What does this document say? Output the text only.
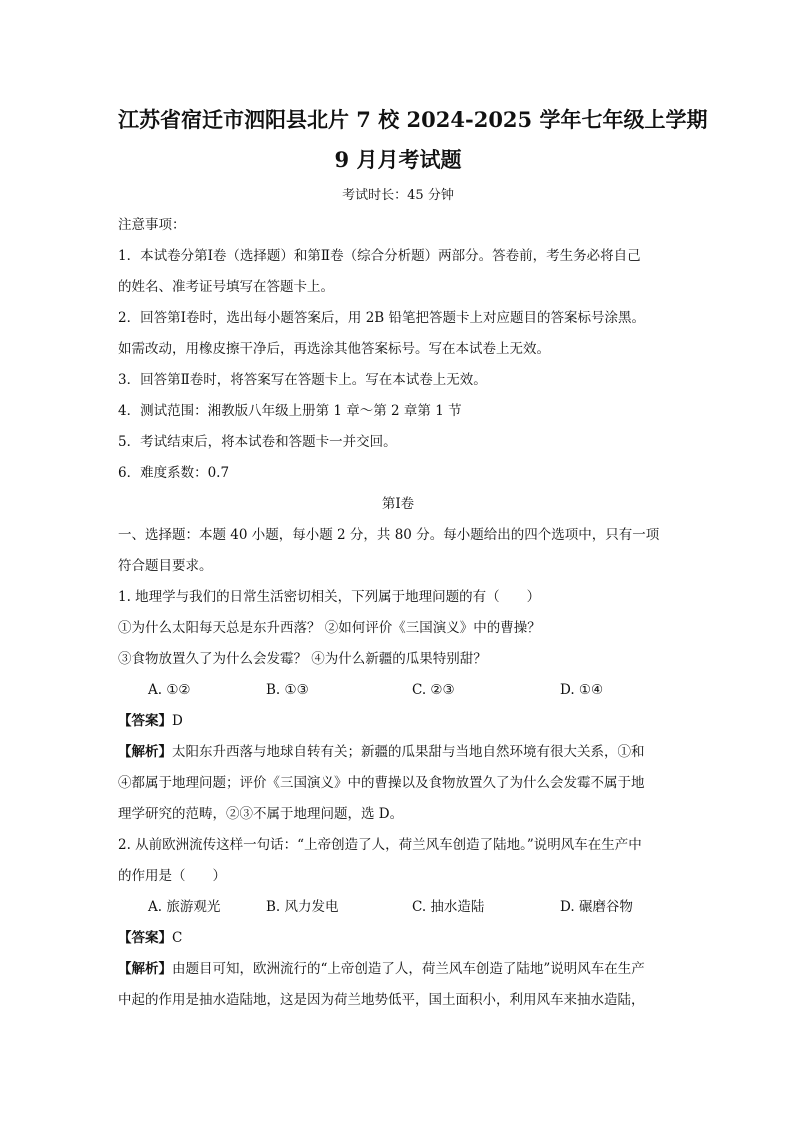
江苏省宿迁市泗阳县北片 7 校 2024-2025 学年七年级上学期
9 月月考试题
考试时长：45 分钟
注意事项：
1．本试卷分第Ⅰ卷（选择题）和第Ⅱ卷（综合分析题）两部分。答卷前，考生务必将自己
的姓名、准考证号填写在答题卡上。
2．回答第Ⅰ卷时，选出每小题答案后，用 2B 铅笔把答题卡上对应题目的答案标号涂黑。
如需改动，用橡皮擦干净后，再选涂其他答案标号。写在本试卷上无效。
3．回答第Ⅱ卷时，将答案写在答题卡上。写在本试卷上无效。
4．测试范围：湘教版八年级上册第 1 章～第 2 章第 1 节
5．考试结束后，将本试卷和答题卡一并交回。
6．难度系数：0.7
第Ⅰ卷
一、选择题：本题 40 小题，每小题 2 分，共 80 分。每小题给出的四个选项中，只有一项
符合题目要求。
1. 地理学与我们的日常生活密切相关，下列属于地理问题的有（　　）
①为什么太阳每天总是东升西落？ ②如何评价《三国演义》中的曹操？
③食物放置久了为什么会发霉？ ④为什么新疆的瓜果特别甜？
A. ①②	B. ①③	C. ②③	D. ①④
【答案】D
【解析】太阳东升西落与地球自转有关；新疆的瓜果甜与当地自然环境有很大关系，①和
④都属于地理问题；评价《三国演义》中的曹操以及食物放置久了为什么会发霉不属于地
理学研究的范畴，②③不属于地理问题，选 D。
2. 从前欧洲流传这样一句话：“上帝创造了人，荷兰风车创造了陆地。”说明风车在生产中
的作用是（　　）
A. 旅游观光	B. 风力发电	C. 抽水造陆	D. 碾磨谷物
【答案】C
【解析】由题目可知，欧洲流行的“上帝创造了人，荷兰风车创造了陆地”说明风车在生产
中起的作用是抽水造陆地，这是因为荷兰地势低平，国土面积小，利用风车来抽水造陆，
